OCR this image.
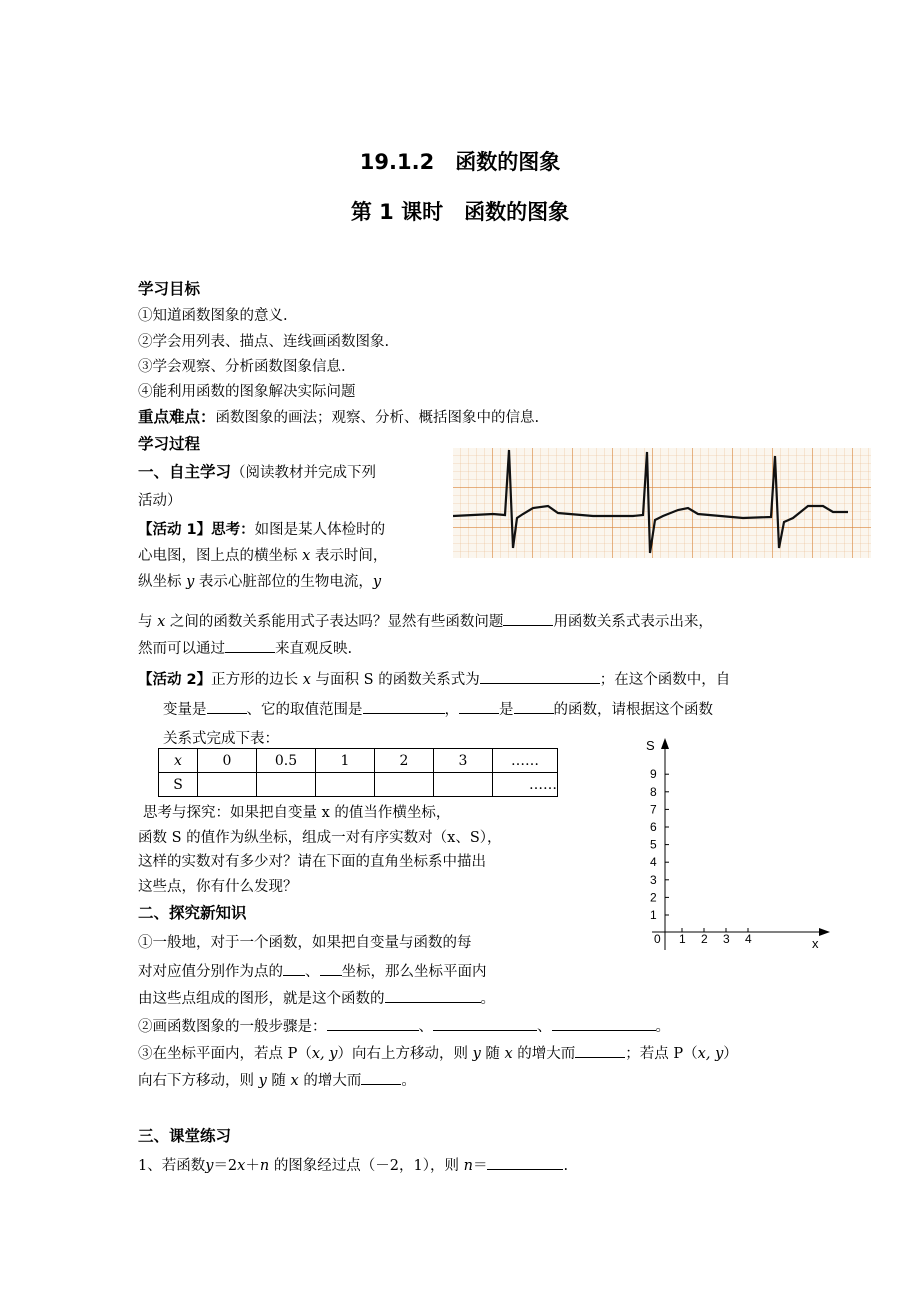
19.1.2　函数的图象
第 1 课时　函数的图象
学习目标
①知道函数图象的意义.
②学会用列表、描点、连线画函数图象.
③学会观察、分析函数图象信息.
④能利用函数的图象解决实际问题
重点难点：函数图象的画法；观察、分析、概括图象中的信息.
学习过程
一、自主学习（阅读教材并完成下列
活动）
【活动 1】思考：如图是某人体检时的
心电图，图上点的横坐标 x 表示时间，
纵坐标 y 表示心脏部位的生物电流，y
与 x 之间的函数关系能用式子表达吗？显然有些函数问题	用函数关系式表示出来，
然而可以通过	来直观反映.
【活动 2】正方形的边长 x 与面积 S 的函数关系式为	；在这个函数中，自
变量是	、它的取值范围是	，	是	的函数，请根据这个函数
关系式完成下表：
x	0	0.5	1	2	3	……
S						……
思考与探究：如果把自变量 x 的值当作横坐标，
函数 S 的值作为纵坐标，组成一对有序实数对（x、S），
这样的实数对有多少对？请在下面的直角坐标系中描出
这些点，你有什么发现？
1
2
3
4
5
6
7
8
9
1 2 3 4
S
x
0
二、探究新知识
①一般地，对于一个函数，如果把自变量与函数的每
对对应值分别作为点的 、 坐标，那么坐标平面内
由这些点组成的图形，就是这个函数的	。
②画函数图象的一般步骤是：	、	、	。
③在坐标平面内，若点 P（x, y）向右上方移动，则 y 随 x 的增大而	；若点 P（x, y）
向右下方移动，则 y 随 x 的增大而	。
三、课堂练习
1、若函数y＝2x＋n 的图象经过点（－2，1），则 n＝	.
